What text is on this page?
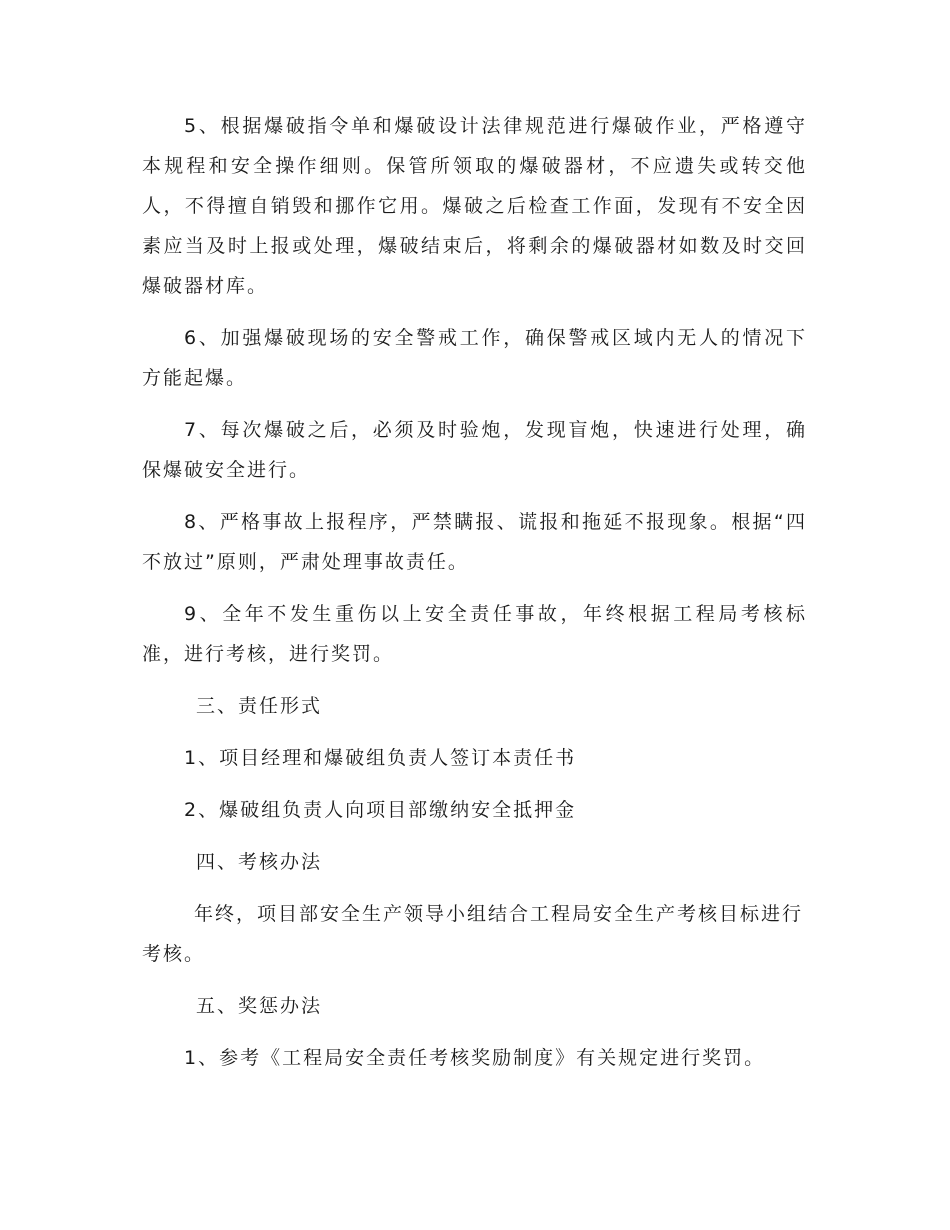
5、根据爆破指令单和爆破设计法律规范进行爆破作业，严格遵守本规程和安全操作细则。保管所领取的爆破器材，不应遗失或转交他人，不得擅自销毁和挪作它用。爆破之后检查工作面，发现有不安全因素应当及时上报或处理，爆破结束后，将剩余的爆破器材如数及时交回爆破器材库。

6、加强爆破现场的安全警戒工作，确保警戒区域内无人的情况下方能起爆。

7、每次爆破之后，必须及时验炮，发现盲炮，快速进行处理，确保爆破安全进行。

8、严格事故上报程序，严禁瞒报、谎报和拖延不报现象。根据“四不放过”原则，严肃处理事故责任。

9、全年不发生重伤以上安全责任事故，年终根据工程局考核标准，进行考核，进行奖罚。

三、责任形式

1、项目经理和爆破组负责人签订本责任书

2、爆破组负责人向项目部缴纳安全抵押金

四、考核办法

年终，项目部安全生产领导小组结合工程局安全生产考核目标进行考核。

五、奖惩办法

1、参考《工程局安全责任考核奖励制度》有关规定进行奖罚。
